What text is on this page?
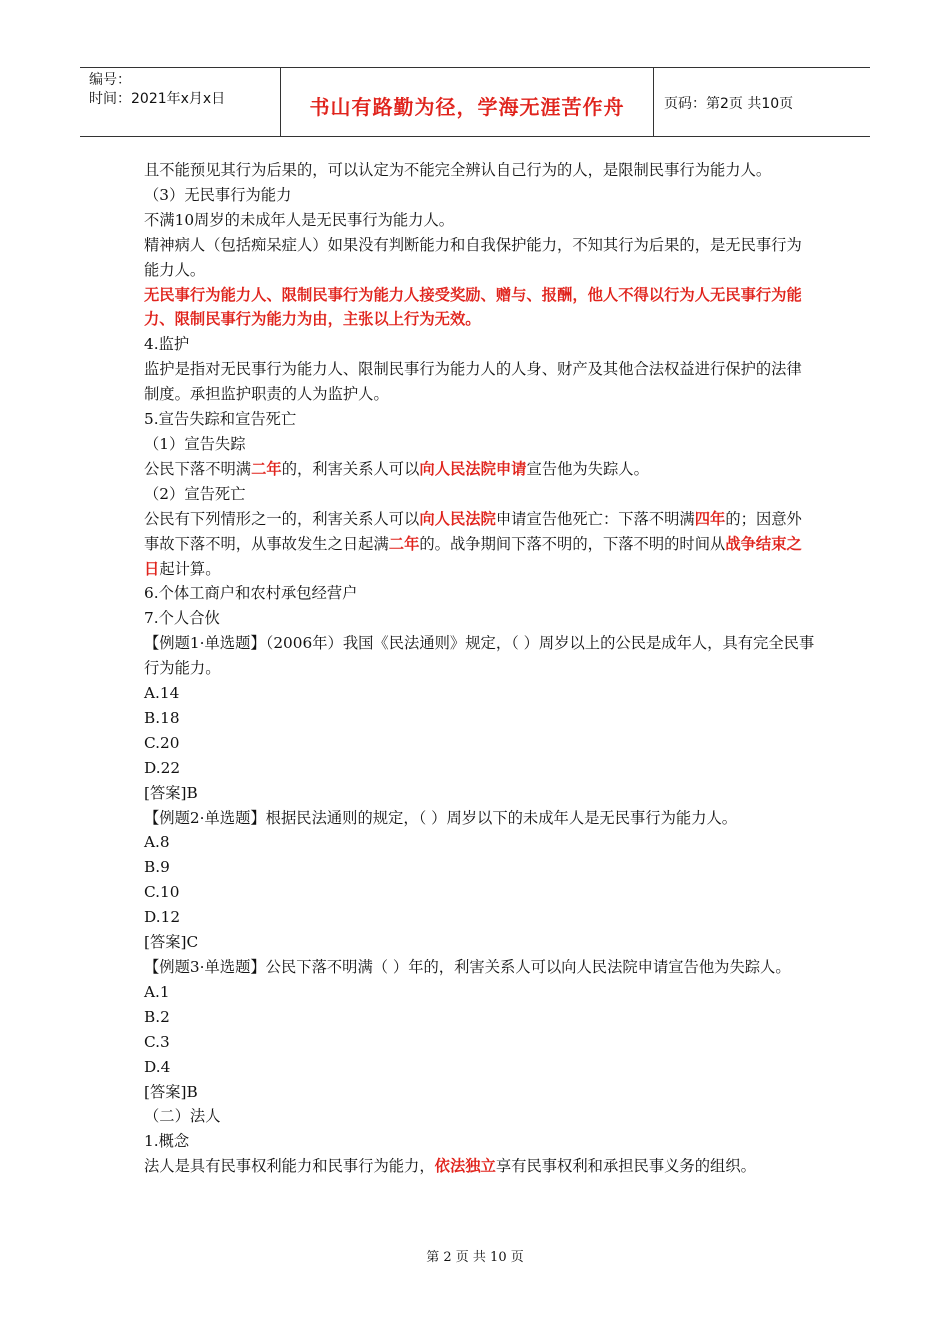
编号：
时间：2021年x月x日	书山有路勤为径，学海无涯苦作舟	页码：第2页 共10页

且不能预见其行为后果的，可以认定为不能完全辨认自己行为的人，是限制民事行为能力人。

（3）无民事行为能力

不满10周岁的未成年人是无民事行为能力人。

精神病人（包括痴呆症人）如果没有判断能力和自我保护能力，不知其行为后果的，是无民事行为能力人。

无民事行为能力人、限制民事行为能力人接受奖励、赠与、报酬，他人不得以行为人无民事行为能力、限制民事行为能力为由，主张以上行为无效。

4.监护

监护是指对无民事行为能力人、限制民事行为能力人的人身、财产及其他合法权益进行保护的法律制度。承担监护职责的人为监护人。

5.宣告失踪和宣告死亡

（1）宣告失踪

公民下落不明满二年的，利害关系人可以向人民法院申请宣告他为失踪人。

（2）宣告死亡

公民有下列情形之一的，利害关系人可以向人民法院申请宣告他死亡：下落不明满四年的；因意外事故下落不明，从事故发生之日起满二年的。战争期间下落不明的，下落不明的时间从战争结束之日起计算。

6.个体工商户和农村承包经营户

7.个人合伙

【例题1·单选题】（2006年）我国《民法通则》规定，（ ）周岁以上的公民是成年人，具有完全民事行为能力。

A.14

B.18

C.20

D.22

[答案]B

【例题2·单选题】根据民法通则的规定，（ ）周岁以下的未成年人是无民事行为能力人。

A.8

B.9

C.10

D.12

[答案]C

【例题3·单选题】公民下落不明满（ ）年的，利害关系人可以向人民法院申请宣告他为失踪人。

A.1

B.2

C.3

D.4

[答案]B

（二）法人

1.概念

法人是具有民事权利能力和民事行为能力，依法独立享有民事权利和承担民事义务的组织。

第 2 页 共 10 页
